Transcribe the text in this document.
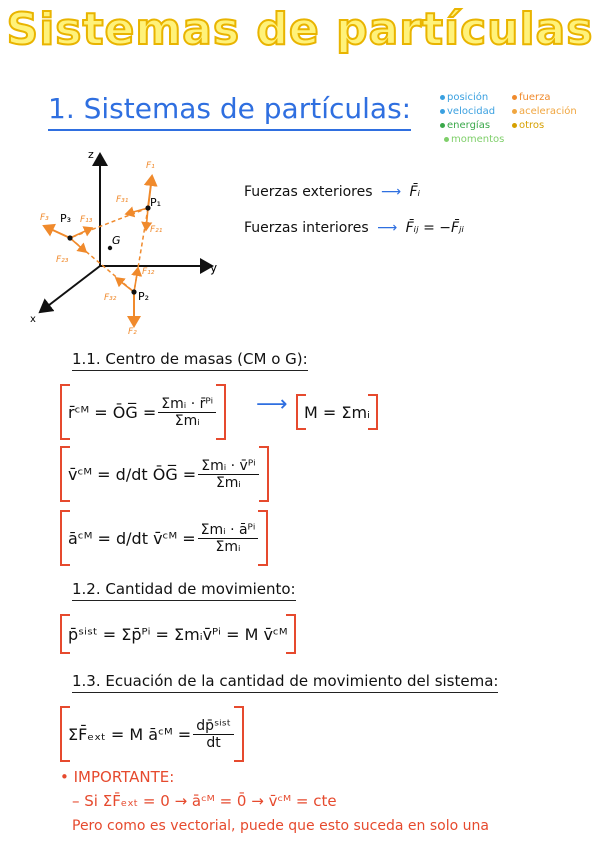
Sistemas de partículas
1. Sistemas de partículas:	posición	fuerza
velocidad	aceleración
energías	otros
momentos
z
y
x
P₁
P₂
P₃
G
F₁
F₂
F₃
F₃₁
F₂₁
F₁₃
F₂₃
F₁₂
F₃₂
Fuerzas exteriores ⟶ F̄ᵢ
Fuerzas interiores ⟶ F̄ᵢⱼ = −F̄ⱼᵢ
1.1. Centro de masas (CM o G):
r̄ᶜᴹ = ŌG̅ = $\frac{\text{Σmᵢ · r̄ᴾⁱ}}{\text{Σmᵢ}}$ ⟶ M = Σmᵢ
v̄ᶜᴹ = d/dt ŌG̅ = $\frac{\text{Σmᵢ · v̄ᴾⁱ}}{\text{Σmᵢ}}$
āᶜᴹ = d/dt v̄ᶜᴹ = $\frac{\text{Σmᵢ · āᴾⁱ}}{\text{Σmᵢ}}$
1.2. Cantidad de movimiento:
p̄ˢⁱˢᵗ = Σp̄ᴾⁱ = Σmᵢv̄ᴾⁱ = M v̄ᶜᴹ
1.3. Ecuación de la cantidad de movimiento del sistema:
ΣF̄ₑₓₜ = M āᶜᴹ = $\frac{\text{dp̄ˢⁱˢᵗ}}{dt}$
• IMPORTANTE:
– Si ΣF̄ₑₓₜ = 0 → āᶜᴹ = 0̄ → v̄ᶜᴹ = cte
Pero como es vectorial, puede que esto suceda en solo una
